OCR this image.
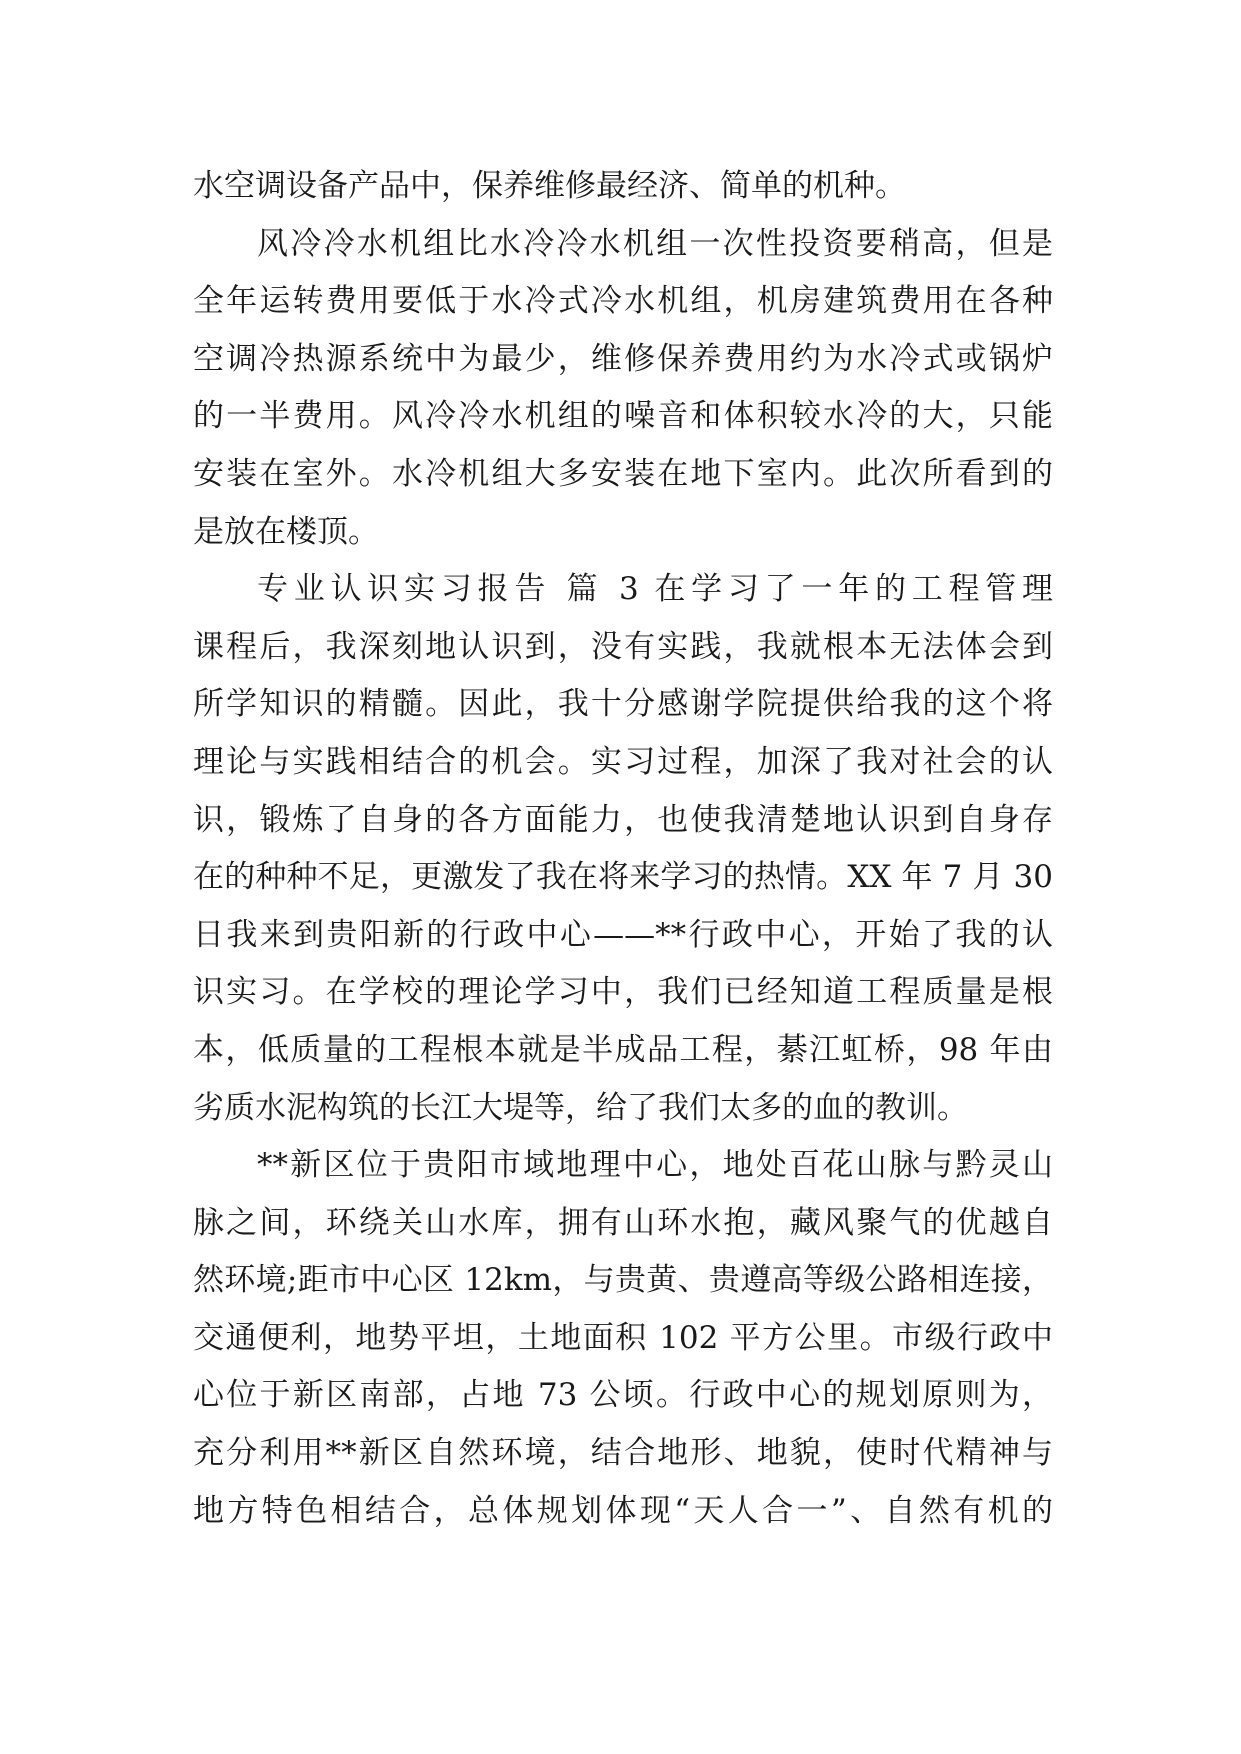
水空调设备产品中，保养维修最经济、简单的机种。
风冷冷水机组比水冷冷水机组一次性投资要稍高，但是
全年运转费用要低于水冷式冷水机组，机房建筑费用在各种
空调冷热源系统中为最少，维修保养费用约为水冷式或锅炉
的一半费用。风冷冷水机组的噪音和体积较水冷的大，只能
安装在室外。水冷机组大多安装在地下室内。此次所看到的
是放在楼顶。
专业认识实习报告 篇 3 在学习了一年的工程管理
课程后，我深刻地认识到，没有实践，我就根本无法体会到
所学知识的精髓。因此，我十分感谢学院提供给我的这个将
理论与实践相结合的机会。实习过程，加深了我对社会的认
识，锻炼了自身的各方面能力，也使我清楚地认识到自身存
在的种种不足，更激发了我在将来学习的热情。XX 年 7 月 30
日我来到贵阳新的行政中心——**行政中心，开始了我的认
识实习。在学校的理论学习中，我们已经知道工程质量是根
本，低质量的工程根本就是半成品工程，綦江虹桥，98 年由
劣质水泥构筑的长江大堤等，给了我们太多的血的教训。
**新区位于贵阳市域地理中心，地处百花山脉与黔灵山
脉之间，环绕关山水库，拥有山环水抱，藏风聚气的优越自
然环境;距市中心区 12km，与贵黄、贵遵高等级公路相连接，
交通便利，地势平坦，土地面积 102 平方公里。市级行政中
心位于新区南部，占地 73 公顷。行政中心的规划原则为，
充分利用**新区自然环境，结合地形、地貌，使时代精神与
地方特色相结合，总体规划体现“天人合一”、自然有机的
